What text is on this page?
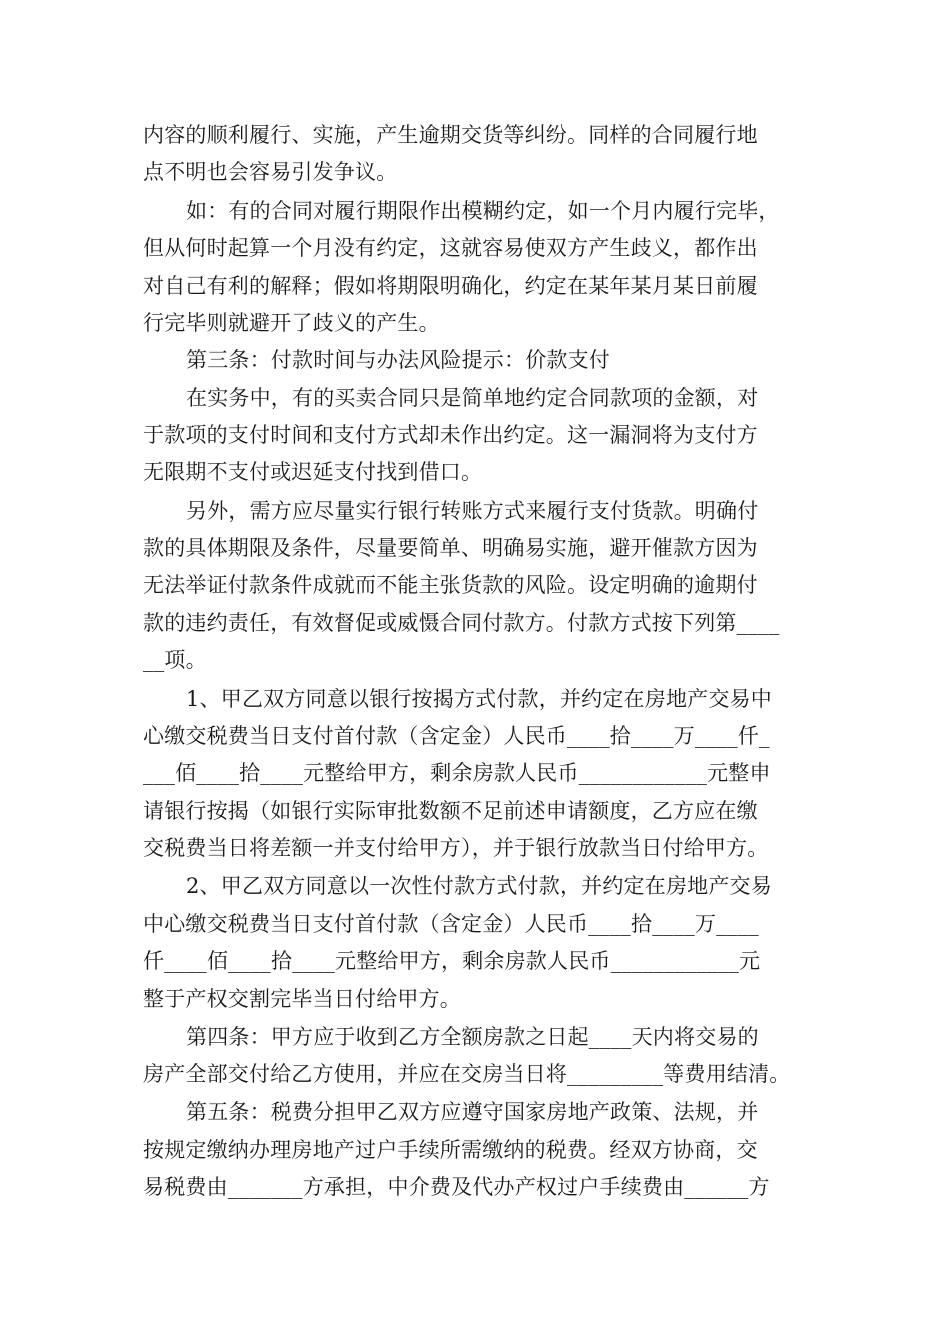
内容的顺利履行、实施，产生逾期交货等纠纷。同样的合同履行地
点不明也会容易引发争议。
如：有的合同对履行期限作出模糊约定，如一个月内履行完毕，
但从何时起算一个月没有约定，这就容易使双方产生歧义，都作出
对自己有利的解释；假如将期限明确化，约定在某年某月某日前履
行完毕则就避开了歧义的产生。
第三条：付款时间与办法风险提示：价款支付
在实务中，有的买卖合同只是简单地约定合同款项的金额，对
于款项的支付时间和支付方式却未作出约定。这一漏洞将为支付方
无限期不支付或迟延支付找到借口。
另外，需方应尽量实行银行转账方式来履行支付货款。明确付
款的具体期限及条件，尽量要简单、明确易实施，避开催款方因为
无法举证付款条件成就而不能主张货款的风险。设定明确的逾期付
款的违约责任，有效督促或威慑合同付款方。付款方式按下列第____
__项。
1、甲乙双方同意以银行按揭方式付款，并约定在房地产交易中
心缴交税费当日支付首付款（含定金）人民币____拾____万____仟_
___佰____拾____元整给甲方，剩余房款人民币____________元整申
请银行按揭（如银行实际审批数额不足前述申请额度，乙方应在缴
交税费当日将差额一并支付给甲方），并于银行放款当日付给甲方。
2、甲乙双方同意以一次性付款方式付款，并约定在房地产交易
中心缴交税费当日支付首付款（含定金）人民币____拾____万____
仟____佰____拾____元整给甲方，剩余房款人民币____________元
整于产权交割完毕当日付给甲方。
第四条：甲方应于收到乙方全额房款之日起____天内将交易的
房产全部交付给乙方使用，并应在交房当日将_________等费用结清。
第五条：税费分担甲乙双方应遵守国家房地产政策、法规，并
按规定缴纳办理房地产过户手续所需缴纳的税费。经双方协商，交
易税费由_______方承担，中介费及代办产权过户手续费由______方
